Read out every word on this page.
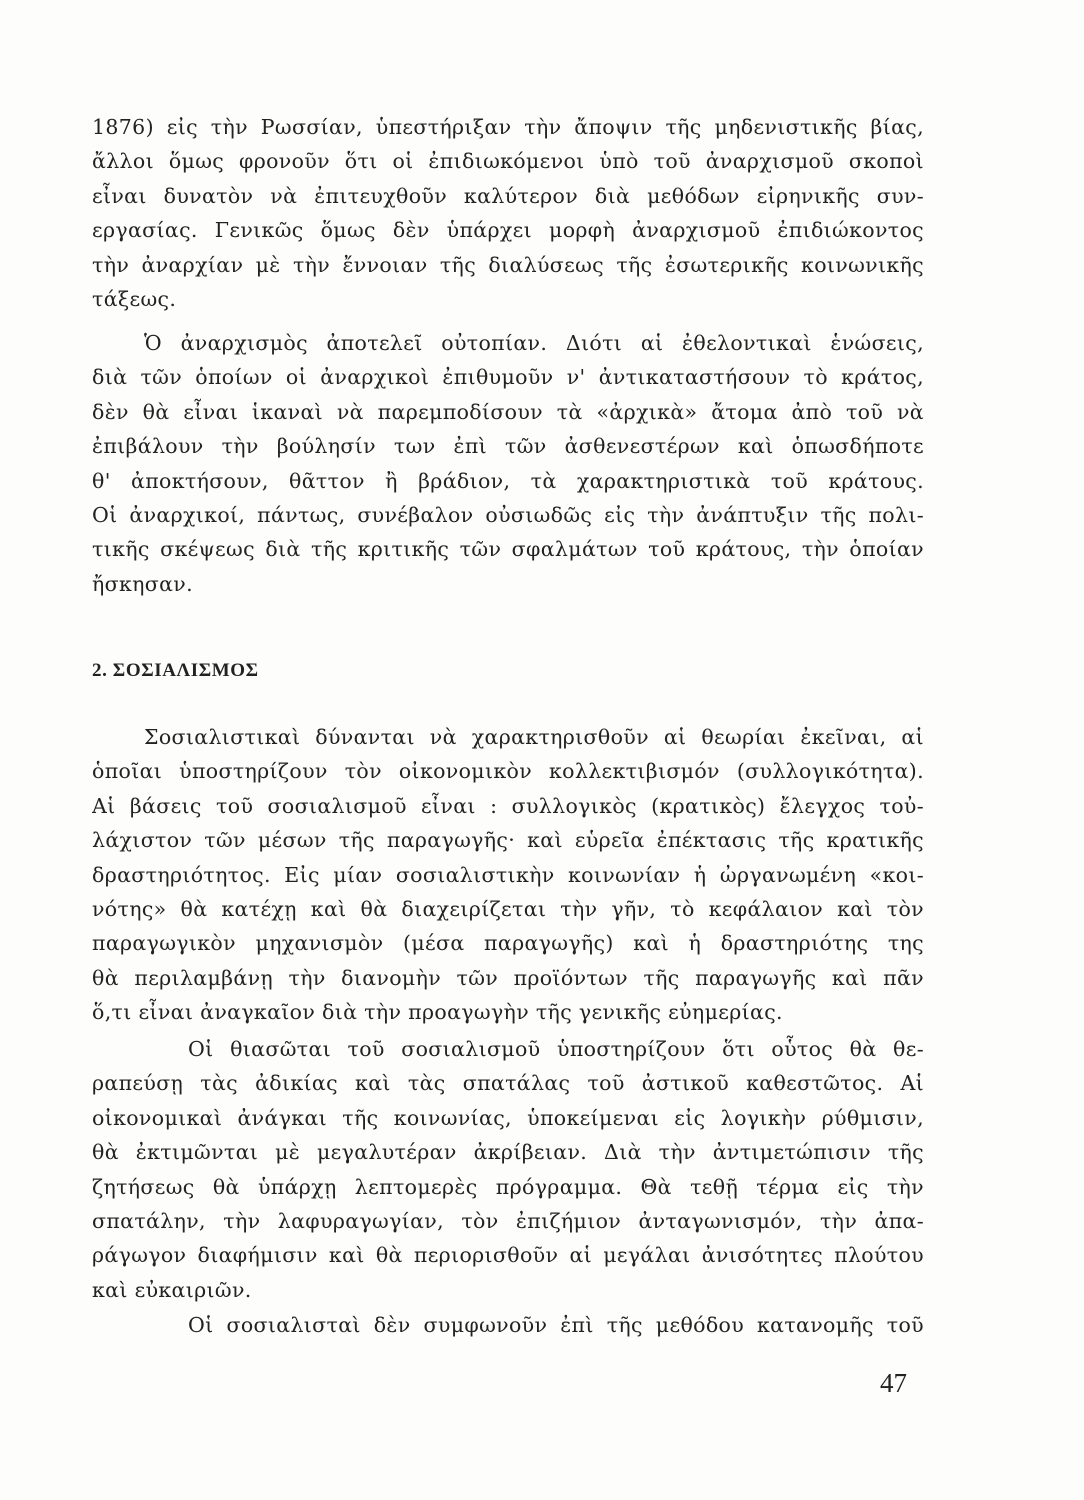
1876) εἰς τὴν Ρωσσίαν, ὑπεστήριξαν τὴν ἄποψιν τῆς μηδενιστικῆς βίας,
ἄλλοι ὅμως φρονοῦν ὅτι οἱ ἐπιδιωκόμενοι ὑπὸ τοῦ ἀναρχισμοῦ σκοποὶ
εἶναι δυνατὸν νὰ ἐπιτευχθοῦν καλύτερον διὰ μεθόδων εἰρηνικῆς συν-
εργασίας. Γενικῶς ὅμως δὲν ὑπάρχει μορφὴ ἀναρχισμοῦ ἐπιδιώκοντος
τὴν ἀναρχίαν μὲ τὴν ἔννοιαν τῆς διαλύσεως τῆς ἐσωτερικῆς κοινωνικῆς
τάξεως.
Ὁ ἀναρχισμὸς ἀποτελεῖ οὐτοπίαν. Διότι αἱ ἐθελοντικαὶ ἑνώσεις,
διὰ τῶν ὁποίων οἱ ἀναρχικοὶ ἐπιθυμοῦν ν' ἀντικαταστήσουν τὸ κράτος,
δὲν θὰ εἶναι ἱκαναὶ νὰ παρεμποδίσουν τὰ «ἀρχικὰ» ἄτομα ἀπὸ τοῦ νὰ
ἐπιβάλουν τὴν βούλησίν των ἐπὶ τῶν ἀσθενεστέρων καὶ ὁπωσδήποτε
θ' ἀποκτήσουν, θᾶττον ἢ βράδιον, τὰ χαρακτηριστικὰ τοῦ κράτους.
Οἱ ἀναρχικοί, πάντως, συνέβαλον οὐσιωδῶς εἰς τὴν ἀνάπτυξιν τῆς πολι-
τικῆς σκέψεως διὰ τῆς κριτικῆς τῶν σφαλμάτων τοῦ κράτους, τὴν ὁποίαν
ἤσκησαν.
2. ΣΟΣΙΑΛΙΣΜΟΣ
Σοσιαλιστικαὶ δύνανται νὰ χαρακτηρισθοῦν αἱ θεωρίαι ἐκεῖναι, αἱ
ὁποῖαι ὑποστηρίζουν τὸν οἰκονομικὸν κολλεκτιβισμόν (συλλογικότητα).
Αἱ βάσεις τοῦ σοσιαλισμοῦ εἶναι : συλλογικὸς (κρατικὸς) ἔλεγχος τοὐ-
λάχιστον τῶν μέσων τῆς παραγωγῆς· καὶ εὑρεῖα ἐπέκτασις τῆς κρατικῆς
δραστηριότητος. Εἰς μίαν σοσιαλιστικὴν κοινωνίαν ἡ ὠργανωμένη «κοι-
νότης» θὰ κατέχῃ καὶ θὰ διαχειρίζεται τὴν γῆν, τὸ κεφάλαιον καὶ τὸν
παραγωγικὸν μηχανισμὸν (μέσα παραγωγῆς) καὶ ἡ δραστηριότης της
θὰ περιλαμβάνῃ τὴν διανομὴν τῶν προϊόντων τῆς παραγωγῆς καὶ πᾶν
ὅ,τι εἶναι ἀναγκαῖον διὰ τὴν προαγωγὴν τῆς γενικῆς εὐημερίας.
Οἱ θιασῶται τοῦ σοσιαλισμοῦ ὑποστηρίζουν ὅτι οὗτος θὰ θε-
ραπεύσῃ τὰς ἀδικίας καὶ τὰς σπατάλας τοῦ ἀστικοῦ καθεστῶτος. Αἱ
οἰκονομικαὶ ἀνάγκαι τῆς κοινωνίας, ὑποκείμεναι εἰς λογικὴν ρύθμισιν,
θὰ ἐκτιμῶνται μὲ μεγαλυτέραν ἀκρίβειαν. Διὰ τὴν ἀντιμετώπισιν τῆς
ζητήσεως θὰ ὑπάρχῃ λεπτομερὲς πρόγραμμα. Θὰ τεθῇ τέρμα εἰς τὴν
σπατάλην, τὴν λαφυραγωγίαν, τὸν ἐπιζήμιον ἀνταγωνισμόν, τὴν ἀπα-
ράγωγον διαφήμισιν καὶ θὰ περιορισθοῦν αἱ μεγάλαι ἀνισότητες πλούτου
καὶ εὐκαιριῶν.
Οἱ σοσιαλισταὶ δὲν συμφωνοῦν ἐπὶ τῆς μεθόδου κατανομῆς τοῦ

47
